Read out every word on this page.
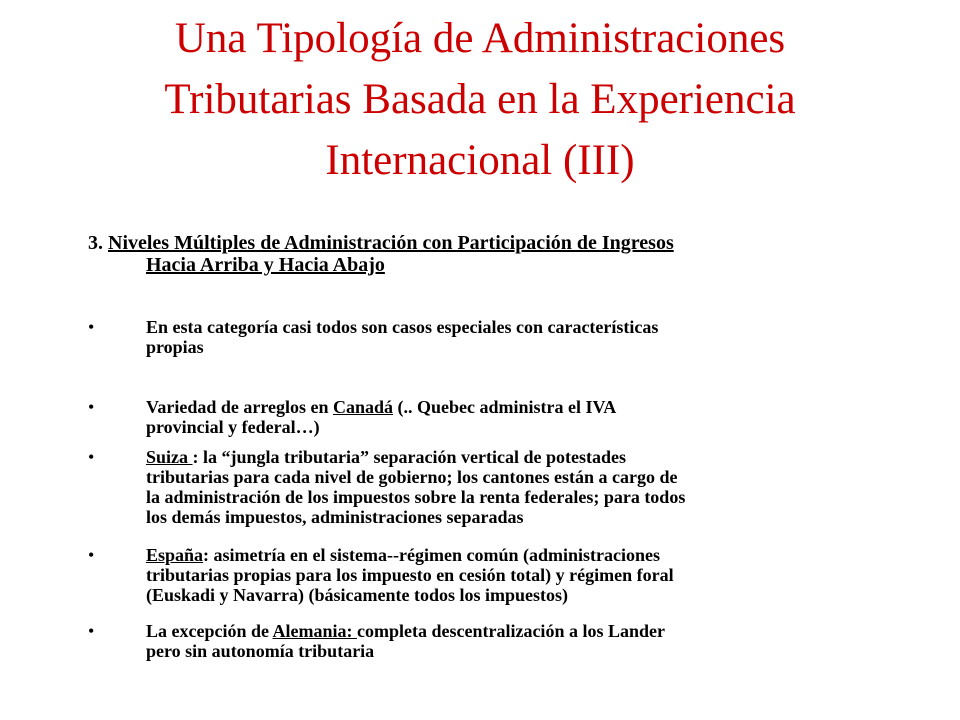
Una Tipología de Administraciones
Tributarias Basada en la Experiencia
Internacional (III)
3. Niveles Múltiples de Administración con Participación de Ingresos
Hacia Arriba y Hacia Abajo
•	En esta categoría casi todos son casos especiales con características
propias
•	Variedad de arreglos en Canadá (.. Quebec administra el IVA
provincial y federal…)
•	Suiza : la “jungla tributaria” separación vertical de potestades
tributarias para cada nivel de gobierno; los cantones están a cargo de
la administración de los impuestos sobre la renta federales; para todos
los demás impuestos, administraciones separadas
•	España: asimetría en el sistema--régimen común (administraciones
tributarias propias para los impuesto en cesión total) y régimen foral
(Euskadi y Navarra) (básicamente todos los impuestos)
•	La excepción de Alemania: completa descentralización a los Lander
pero sin autonomía tributaria
